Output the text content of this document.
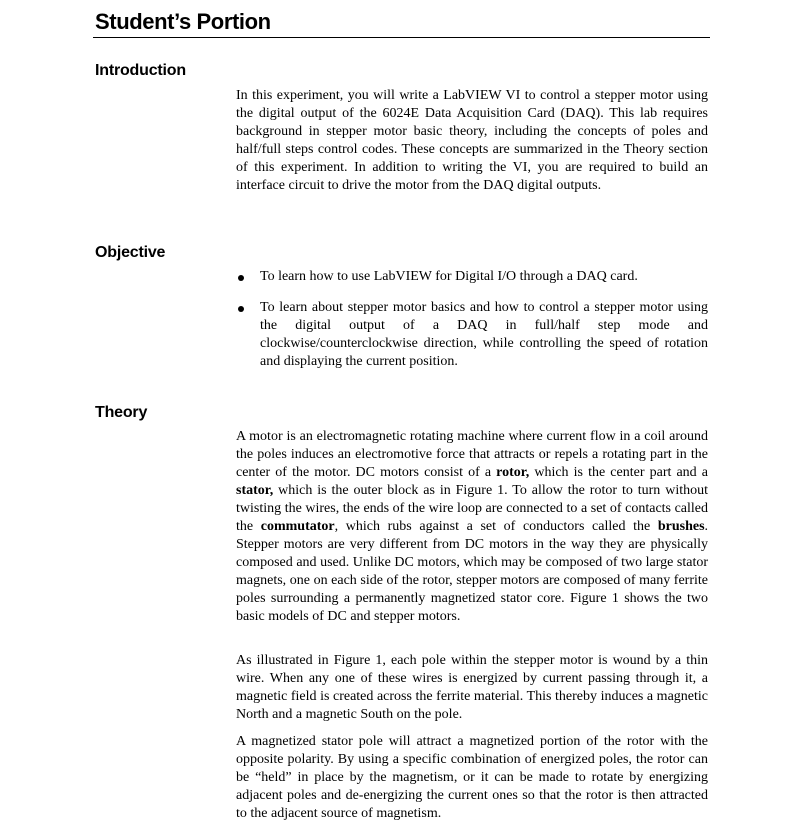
Student’s Portion
Introduction

In this experiment, you will write a LabVIEW VI to control a stepper motor using the digital output of the 6024E Data Acquisition Card (DAQ). This lab requires background in stepper motor basic theory, including the concepts of poles and half/full steps control codes. These concepts are summarized in the Theory section of this experiment. In addition to writing the VI, you are required to build an interface circuit to drive the motor from the DAQ digital outputs.

Objective
To learn how to use LabVIEW for Digital I/O through a DAQ card.
To learn about stepper motor basics and how to control a stepper motor using the digital output of a DAQ in full/half step mode and clockwise/counterclockwise direction, while controlling the speed of rotation and displaying the current position.
Theory

A motor is an electromagnetic rotating machine where current flow in a coil around the poles induces an electromotive force that attracts or repels a rotating part in the center of the motor. DC motors consist of a rotor, which is the center part and a stator, which is the outer block as in Figure 1. To allow the rotor to turn without twisting the wires, the ends of the wire loop are connected to a set of contacts called the commutator, which rubs against a set of conductors called the brushes. Stepper motors are very different from DC motors in the way they are physically composed and used. Unlike DC motors, which may be composed of two large stator magnets, one on each side of the rotor, stepper motors are composed of many ferrite poles surrounding a permanently magnetized stator core. Figure 1 shows the two basic models of DC and stepper motors.

As illustrated in Figure 1, each pole within the stepper motor is wound by a thin wire. When any one of these wires is energized by current passing through it, a magnetic field is created across the ferrite material. This thereby induces a magnetic North and a magnetic South on the pole.

A magnetized stator pole will attract a magnetized portion of the rotor with the opposite polarity. By using a specific combination of energized poles, the rotor can be “held” in place by the magnetism, or it can be made to rotate by energizing adjacent poles and de-energizing the current ones so that the rotor is then attracted to the adjacent source of magnetism.
